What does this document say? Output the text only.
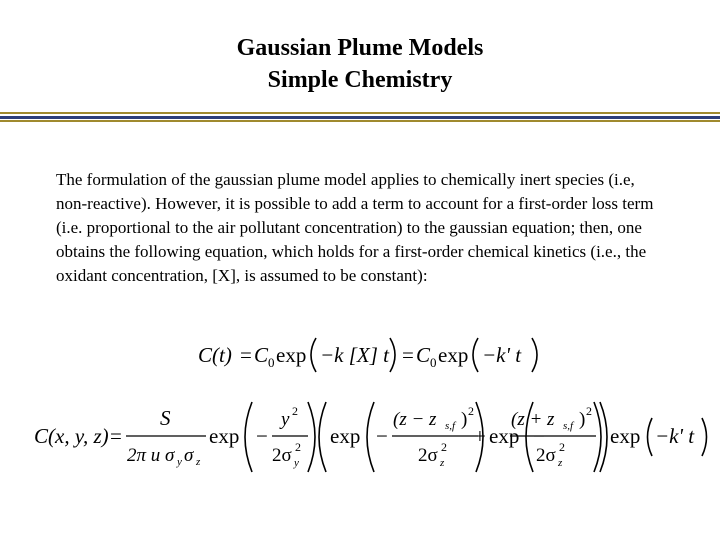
Gaussian Plume Models
Simple Chemistry

The formulation of the gaussian plume model applies to chemically inert species (i.e, non-reactive). However, it is possible to add a term to account for a first-order loss term (i.e. proportional to the air pollutant concentration) to the gaussian equation; then, one obtains the following equation, which holds for a first-order chemical kinetics (i.e., the oxidant concentration, [X], is assumed to be constant):

C(t) = C 0 exp −k [X] t = C 0 exp −k' t
C(x, y, z) =
S
2π u σ y σ z
exp −
y 2
2σ 2
y
exp −
(z − z s,f ) 2
2σ 2
z
+ exp −
(z + z s,f ) 2
2σ 2
z
exp −k' t
